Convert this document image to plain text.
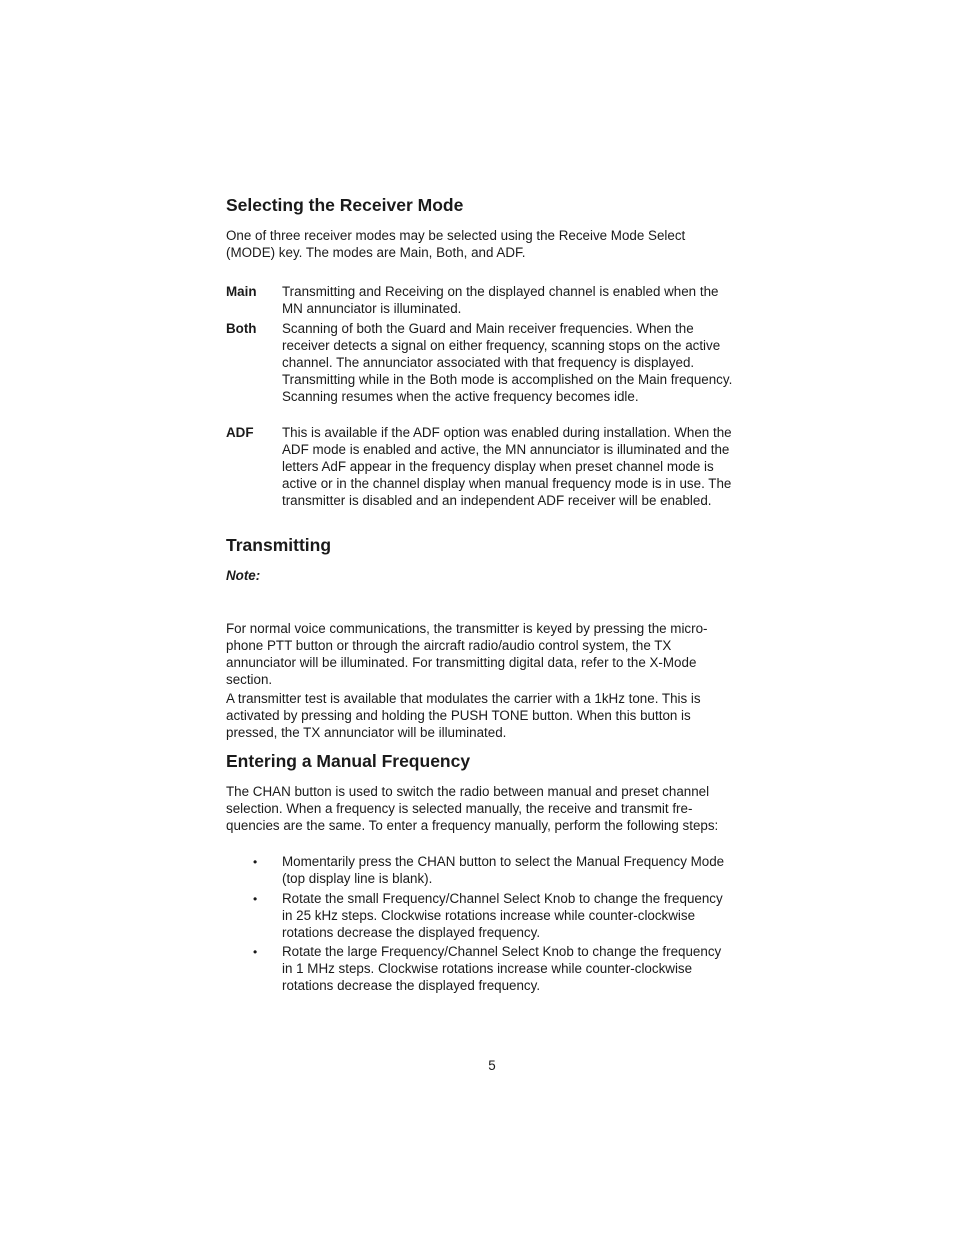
Selecting the Receiver Mode

One of three receiver modes may be selected using the Receive Mode Select (MODE) key. The modes are Main, Both, and ADF.

Main Transmitting and Receiving on the displayed channel is enabled when the MN annunciator is illuminated.
Both Scanning of both the Guard and Main receiver frequencies. When the receiver detects a signal on either frequency, scanning stops on the active channel. The annunciator associated with that frequency is displayed. Transmitting while in the Both mode is accomplished on the Main frequency. Scanning resumes when the active frequency becomes idle.
ADF This is available if the ADF option was enabled during installation. When the ADF mode is enabled and active, the MN annunciator is illuminated and the letters AdF appear in the frequency display when preset channel mode is active or in the channel display when manual frequency mode is in use. The transmitter is disabled and an independent ADF receiver will be enabled.
Transmitting
Note:

For normal voice communications, the transmitter is keyed by pressing the micro-phone PTT button or through the aircraft radio/audio control system, the TX annunciator will be illuminated. For transmitting digital data, refer to the X-Mode section.

A transmitter test is available that modulates the carrier with a 1kHz tone. This is activated by pressing and holding the PUSH TONE button. When this button is pressed, the TX annunciator will be illuminated.

Entering a Manual Frequency

The CHAN button is used to switch the radio between manual and preset channel selection. When a frequency is selected manually, the receive and transmit fre-quencies are the same. To enter a frequency manually, perform the following steps:

• Momentarily press the CHAN button to select the Manual Frequency Mode (top display line is blank).
• Rotate the small Frequency/Channel Select Knob to change the frequency in 25 kHz steps. Clockwise rotations increase while counter-clockwise rotations decrease the displayed frequency.
• Rotate the large Frequency/Channel Select Knob to change the frequency in 1 MHz steps. Clockwise rotations increase while counter-clockwise rotations decrease the displayed frequency.
5
